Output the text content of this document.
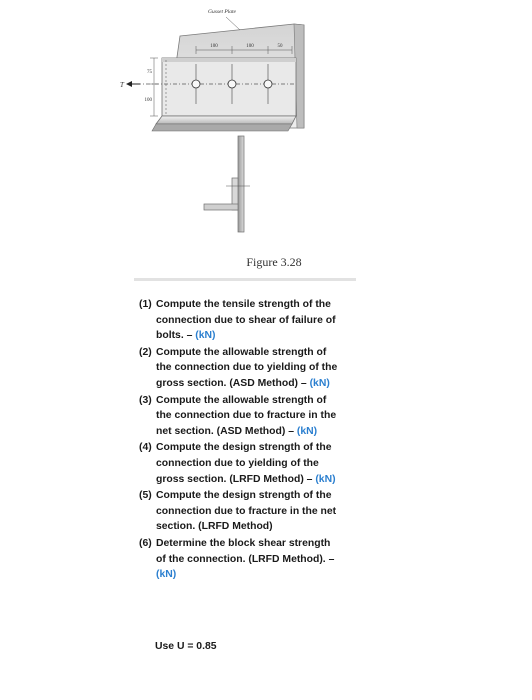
100	100	50
75
100
T
Gusset Plate
Figure 3.28
(1) Compute the tensile strength of the connection due to shear of failure of bolts. – (kN)
(2) Compute the allowable strength of the connection due to yielding of the gross section. (ASD Method) – (kN)
(3) Compute the allowable strength of the connection due to fracture in the net section. (ASD Method) – (kN)
(4) Compute the design strength of the connection due to yielding of the gross section. (LRFD Method) – (kN)
(5) Compute the design strength of the connection due to fracture in the net section. (LRFD Method)
(6) Determine the block shear strength of the connection. (LRFD Method). – (kN)
Use U = 0.85
